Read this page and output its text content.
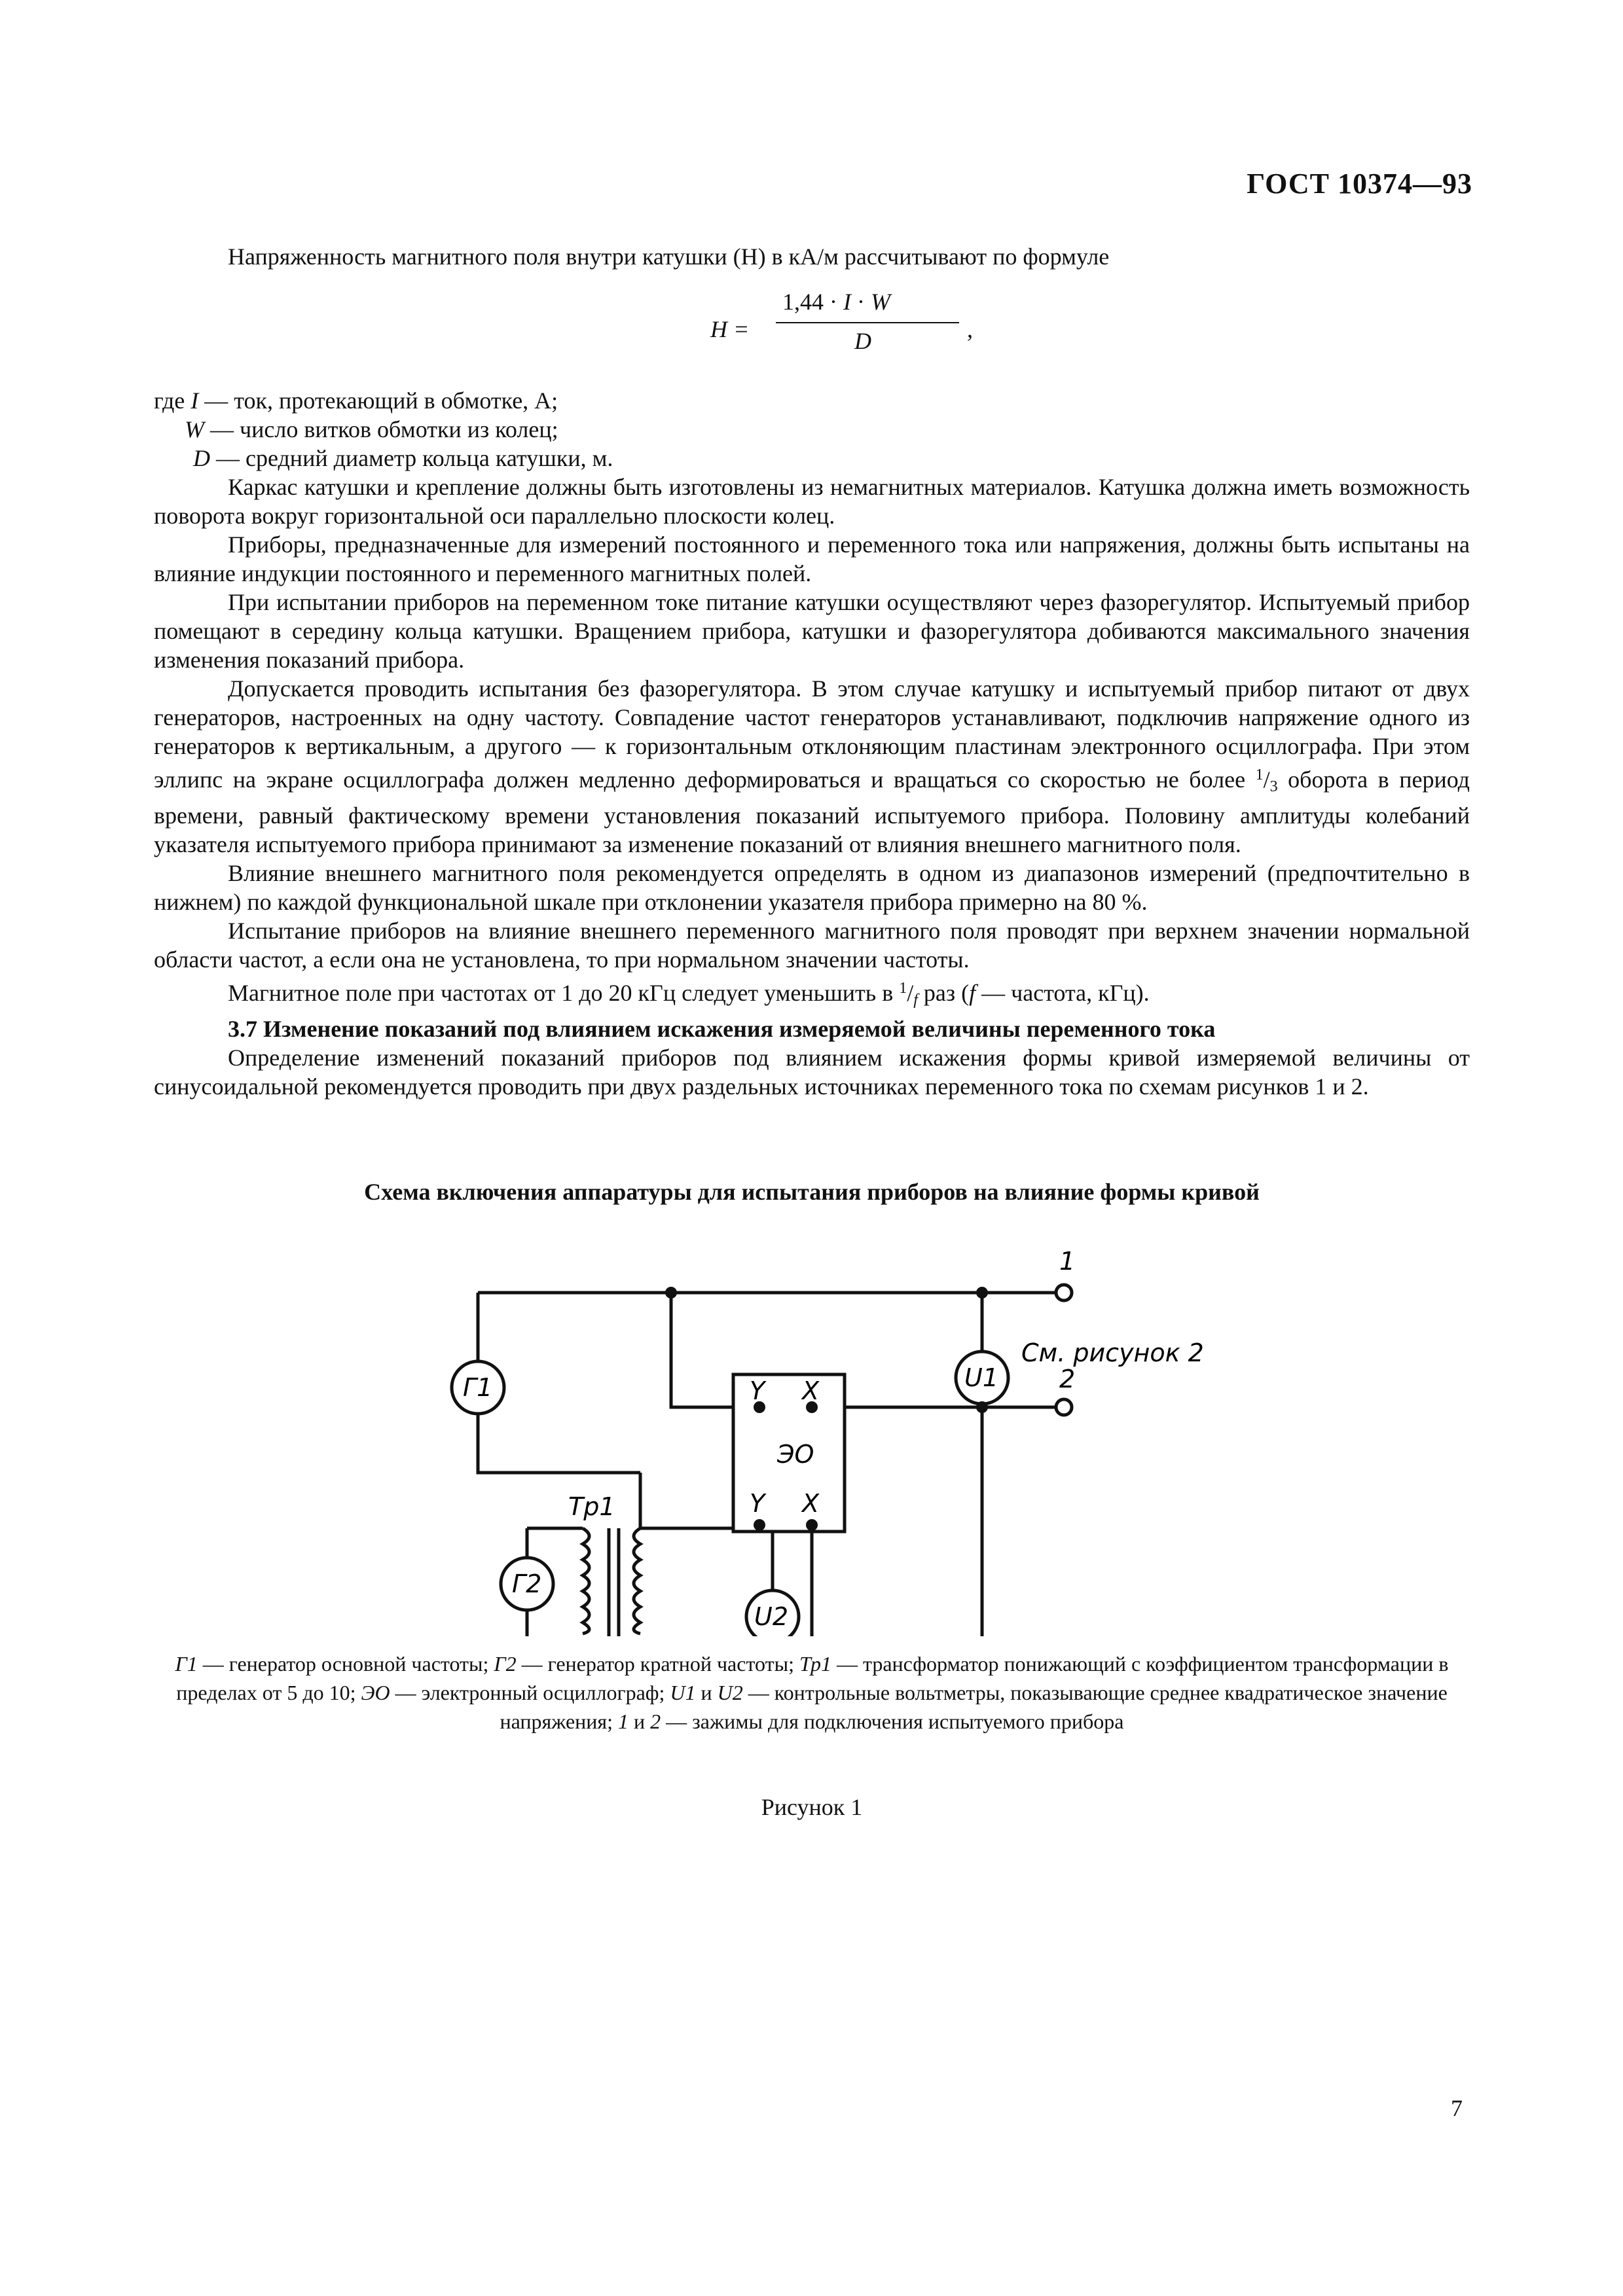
ГОСТ 10374—93

Напряженность магнитного поля внутри катушки (H) в кА/м рассчитывают по формуле

H =
1,44 · I · W
D	,

где I — ток, протекающий в обмотке, А;

W — число витков обмотки из колец;

D — средний диаметр кольца катушки, м.

Каркас катушки и крепление должны быть изготовлены из немагнитных материалов. Катушка должна иметь возможность поворота вокруг горизонтальной оси параллельно плоскости колец.

Приборы, предназначенные для измерений постоянного и переменного тока или напряжения, должны быть испытаны на влияние индукции постоянного и переменного магнитных полей.

При испытании приборов на переменном токе питание катушки осуществляют через фазорегулятор. Испытуемый прибор помещают в середину кольца катушки. Вращением прибора, катушки и фазорегулятора добиваются максимального значения изменения показаний прибора.

Допускается проводить испытания без фазорегулятора. В этом случае катушку и испытуемый прибор питают от двух генераторов, настроенных на одну частоту. Совпадение частот генераторов устанавливают, подключив напряжение одного из генераторов к вертикальным, а другого — к горизонтальным отклоняющим пластинам электронного осциллографа. При этом эллипс на экране осциллографа должен медленно деформироваться и вращаться со скоростью не более $^1/_3$ оборота в период времени, равный фактическому времени установления показаний испытуемого прибора. Половину амплитуды колебаний указателя испытуемого прибора принимают за изменение показаний от влияния внешнего магнитного поля.

Влияние внешнего магнитного поля рекомендуется определять в одном из диапазонов измерений (предпочтительно в нижнем) по каждой функциональной шкале при отклонении указателя прибора примерно на 80 %.

Испытание приборов на влияние внешнего переменного магнитного поля проводят при верхнем значении нормальной области частот, а если она не установлена, то при нормальном значении частоты.

Магнитное поле при частотах от 1 до 20 кГц следует уменьшить в $^1/_f$ раз (f — частота, кГц).

3.7 Изменение показаний под влиянием искажения измеряемой величины переменного тока

Определение изменений показаний приборов под влиянием искажения формы кривой измеряемой величины от синусоидальной рекомендуется проводить при двух раздельных источниках переменного тока по схемам рисунков 1 и 2.

Схема включения аппаратуры для испытания приборов на влияние формы кривой
1
2
U1
См. рисунок 2
Г1
Г2
Тр1
ЭО
Y X
Y X
U2
Г1 — генератор основной частоты; Г2 — генератор кратной частоты; Тр1 — трансформатор понижающий с коэффициентом трансформации в пределах от 5 до 10; ЭО — электронный осциллограф; U1 и U2 — контрольные вольтметры, показывающие среднее квадратическое значение напряжения; 1 и 2 — зажимы для подключения испытуемого прибора
Рисунок 1
7
